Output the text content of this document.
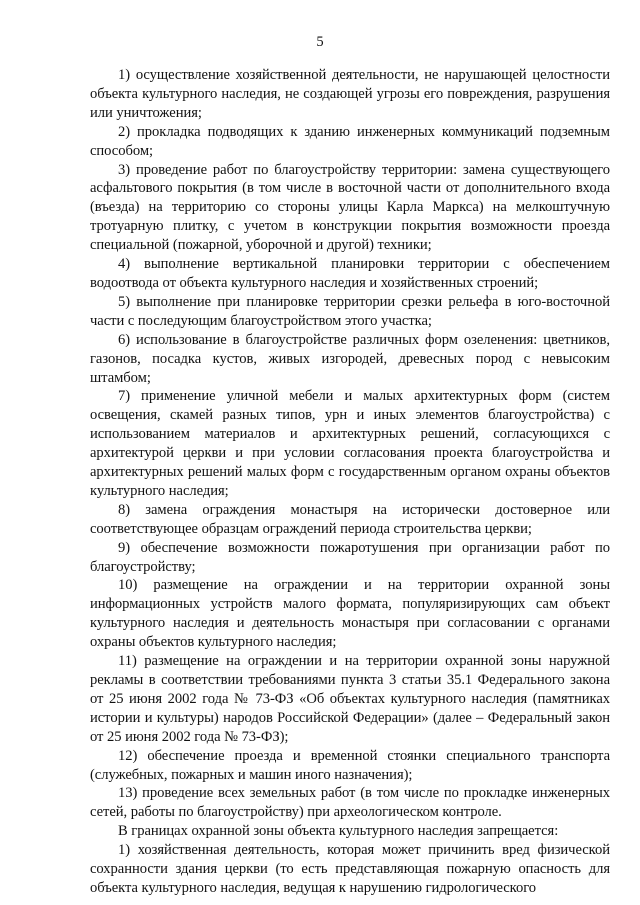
5

1) осуществление хозяйственной деятельности, не нарушающей целостности объекта культурного наследия, не создающей угрозы его повреждения, разрушения или уничтожения;

2) прокладка подводящих к зданию инженерных коммуникаций подземным способом;

3) проведение работ по благоустройству территории: замена существующего асфальтового покрытия (в том числе в восточной части от дополнительного входа (въезда) на территорию со стороны улицы Карла Маркса) на мелкоштучную тротуарную плитку, с учетом в конструкции покрытия возможности проезда специальной (пожарной, уборочной и другой) техники;

4) выполнение вертикальной планировки территории с обеспечением водоотвода от объекта культурного наследия и хозяйственных строений;

5) выполнение при планировке территории срезки рельефа в юго-восточной части с последующим благоустройством этого участка;

6) использование в благоустройстве различных форм озеленения: цветников, газонов, посадка кустов, живых изгородей, древесных пород с невысоким штамбом;

7) применение уличной мебели и малых архитектурных форм (систем освещения, скамей разных типов, урн и иных элементов благоустройства) с использованием материалов и архитектурных решений, согласующихся с архитектурой церкви и при условии согласования проекта благоустройства и архитектурных решений малых форм с государственным органом охраны объектов культурного наследия;

8) замена ограждения монастыря на исторически достоверное или соответствующее образцам ограждений периода строительства церкви;

9) обеспечение возможности пожаротушения при организации работ по благоустройству;

10) размещение на ограждении и на территории охранной зоны информационных устройств малого формата, популяризирующих сам объект культурного наследия и деятельность монастыря при согласовании с органами охраны объектов культурного наследия;

11) размещение на ограждении и на территории охранной зоны наружной рекламы в соответствии требованиями пункта 3 статьи 35.1 Федерального закона от 25 июня 2002 года № 73-ФЗ «Об объектах культурного наследия (памятниках истории и культуры) народов Российской Федерации» (далее – Федеральный закон от 25 июня 2002 года № 73-ФЗ);

12) обеспечение проезда и временной стоянки специального транспорта (служебных, пожарных и машин иного назначения);

13) проведение всех земельных работ (в том числе по прокладке инженерных сетей, работы по благоустройству) при археологическом контроле.

В границах охранной зоны объекта культурного наследия запрещается:

1) хозяйственная деятельность, которая может причинить вред физической сохранности здания церкви (то есть представляющая пожарную опасность для объекта культурного наследия, ведущая к нарушению гидрологического
